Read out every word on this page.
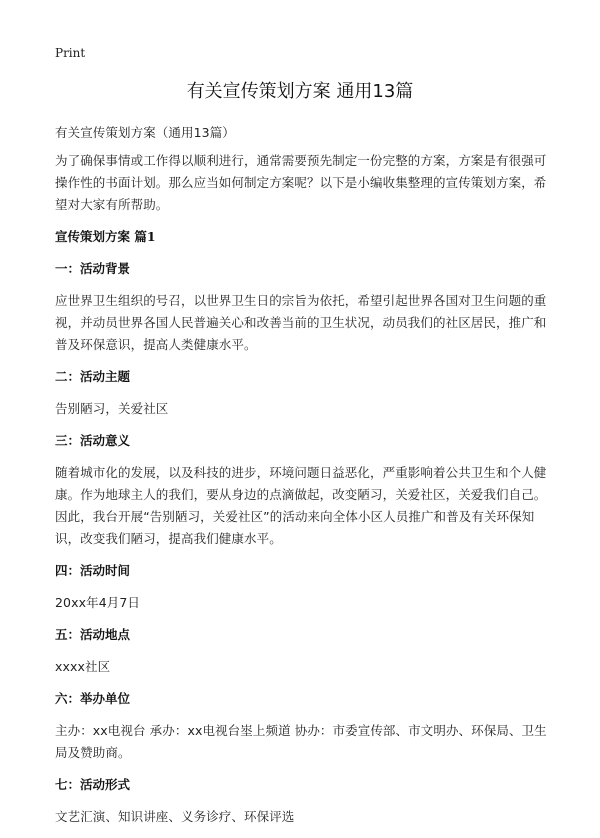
Print
有关宣传策划方案 通用13篇

有关宣传策划方案（通用13篇）

为了确保事情或工作得以顺利进行，通常需要预先制定一份完整的方案，方案是有很强可操作性的书面计划。那么应当如何制定方案呢？以下是小编收集整理的宣传策划方案，希望对大家有所帮助。

宣传策划方案 篇1

一：活动背景

应世界卫生组织的号召，以世界卫生日的宗旨为依托，希望引起世界各国对卫生问题的重视，并动员世界各国人民普遍关心和改善当前的卫生状况，动员我们的社区居民，推广和普及环保意识，提高人类健康水平。

二：活动主题

告别陋习，关爱社区

三：活动意义

随着城市化的发展，以及科技的进步，环境问题日益恶化，严重影响着公共卫生和个人健康。作为地球主人的我们，要从身边的点滴做起，改变陋习，关爱社区，关爱我们自己。因此，我台开展“告别陋习，关爱社区”的活动来向全体小区人员推广和普及有关环保知识，改变我们陋习，提高我们健康水平。

四：活动时间

20xx年4月7日

五：活动地点

xxxx社区

六：举办单位

主办：xx电视台 承办：xx电视台埊上频道 协办：市委宣传部、市文明办、环保局、卫生局及赞助商。

七：活动形式

文艺汇演、知识讲座、义务诊疗、环保评选
